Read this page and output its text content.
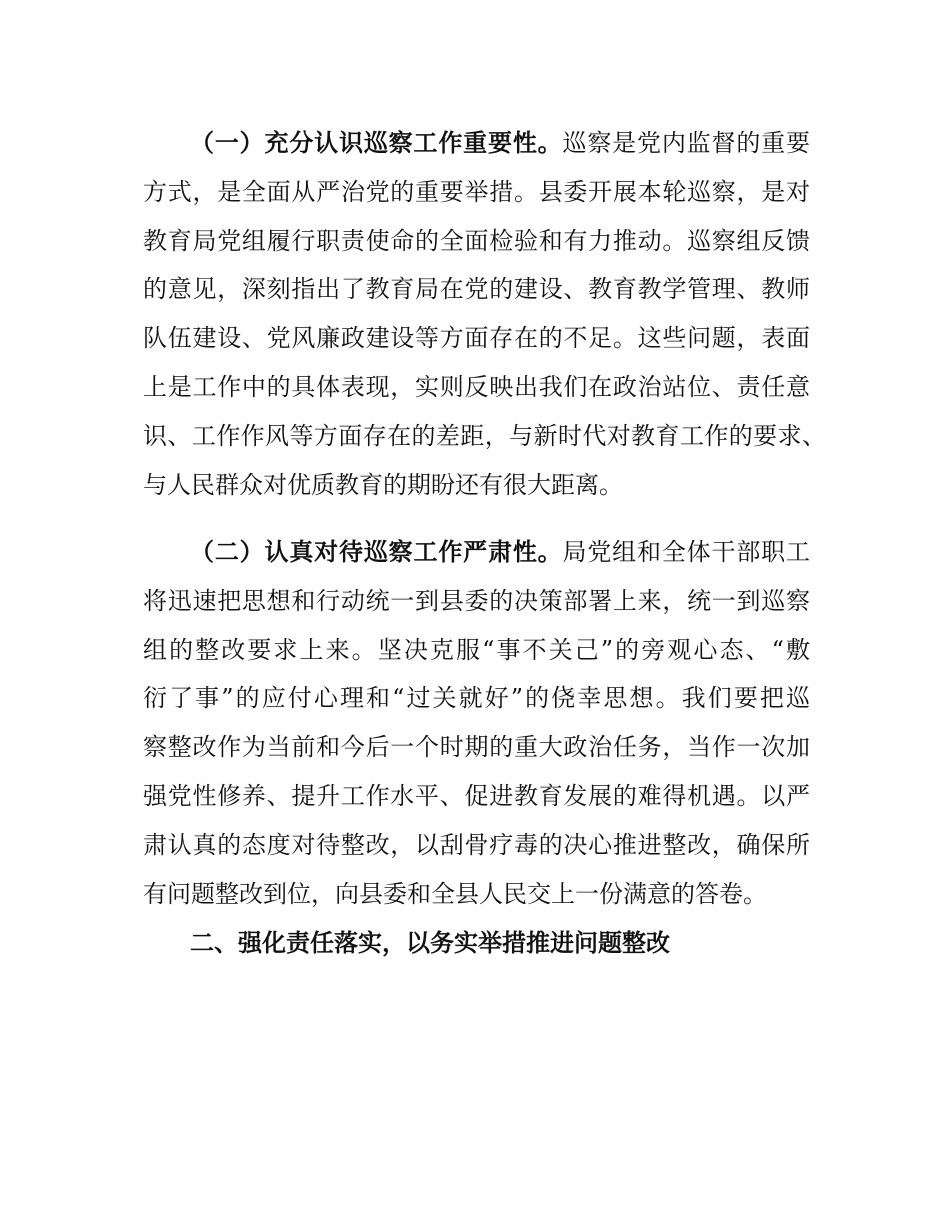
（一）充分认识巡察工作重要性。巡察是党内监督的重要
方式，是全面从严治党的重要举措。县委开展本轮巡察，是对
教育局党组履行职责使命的全面检验和有力推动。巡察组反馈
的意见，深刻指出了教育局在党的建设、教育教学管理、教师
队伍建设、党风廉政建设等方面存在的不足。这些问题，表面
上是工作中的具体表现，实则反映出我们在政治站位、责任意
识、工作作风等方面存在的差距，与新时代对教育工作的要求、
与人民群众对优质教育的期盼还有很大距离。
（二）认真对待巡察工作严肃性。局党组和全体干部职工
将迅速把思想和行动统一到县委的决策部署上来，统一到巡察
组的整改要求上来。坚决克服“事不关己”的旁观心态、“敷
衍了事”的应付心理和“过关就好”的侥幸思想。我们要把巡
察整改作为当前和今后一个时期的重大政治任务，当作一次加
强党性修养、提升工作水平、促进教育发展的难得机遇。以严
肃认真的态度对待整改，以刮骨疗毒的决心推进整改，确保所
有问题整改到位，向县委和全县人民交上一份满意的答卷。
二、强化责任落实，以务实举措推进问题整改
